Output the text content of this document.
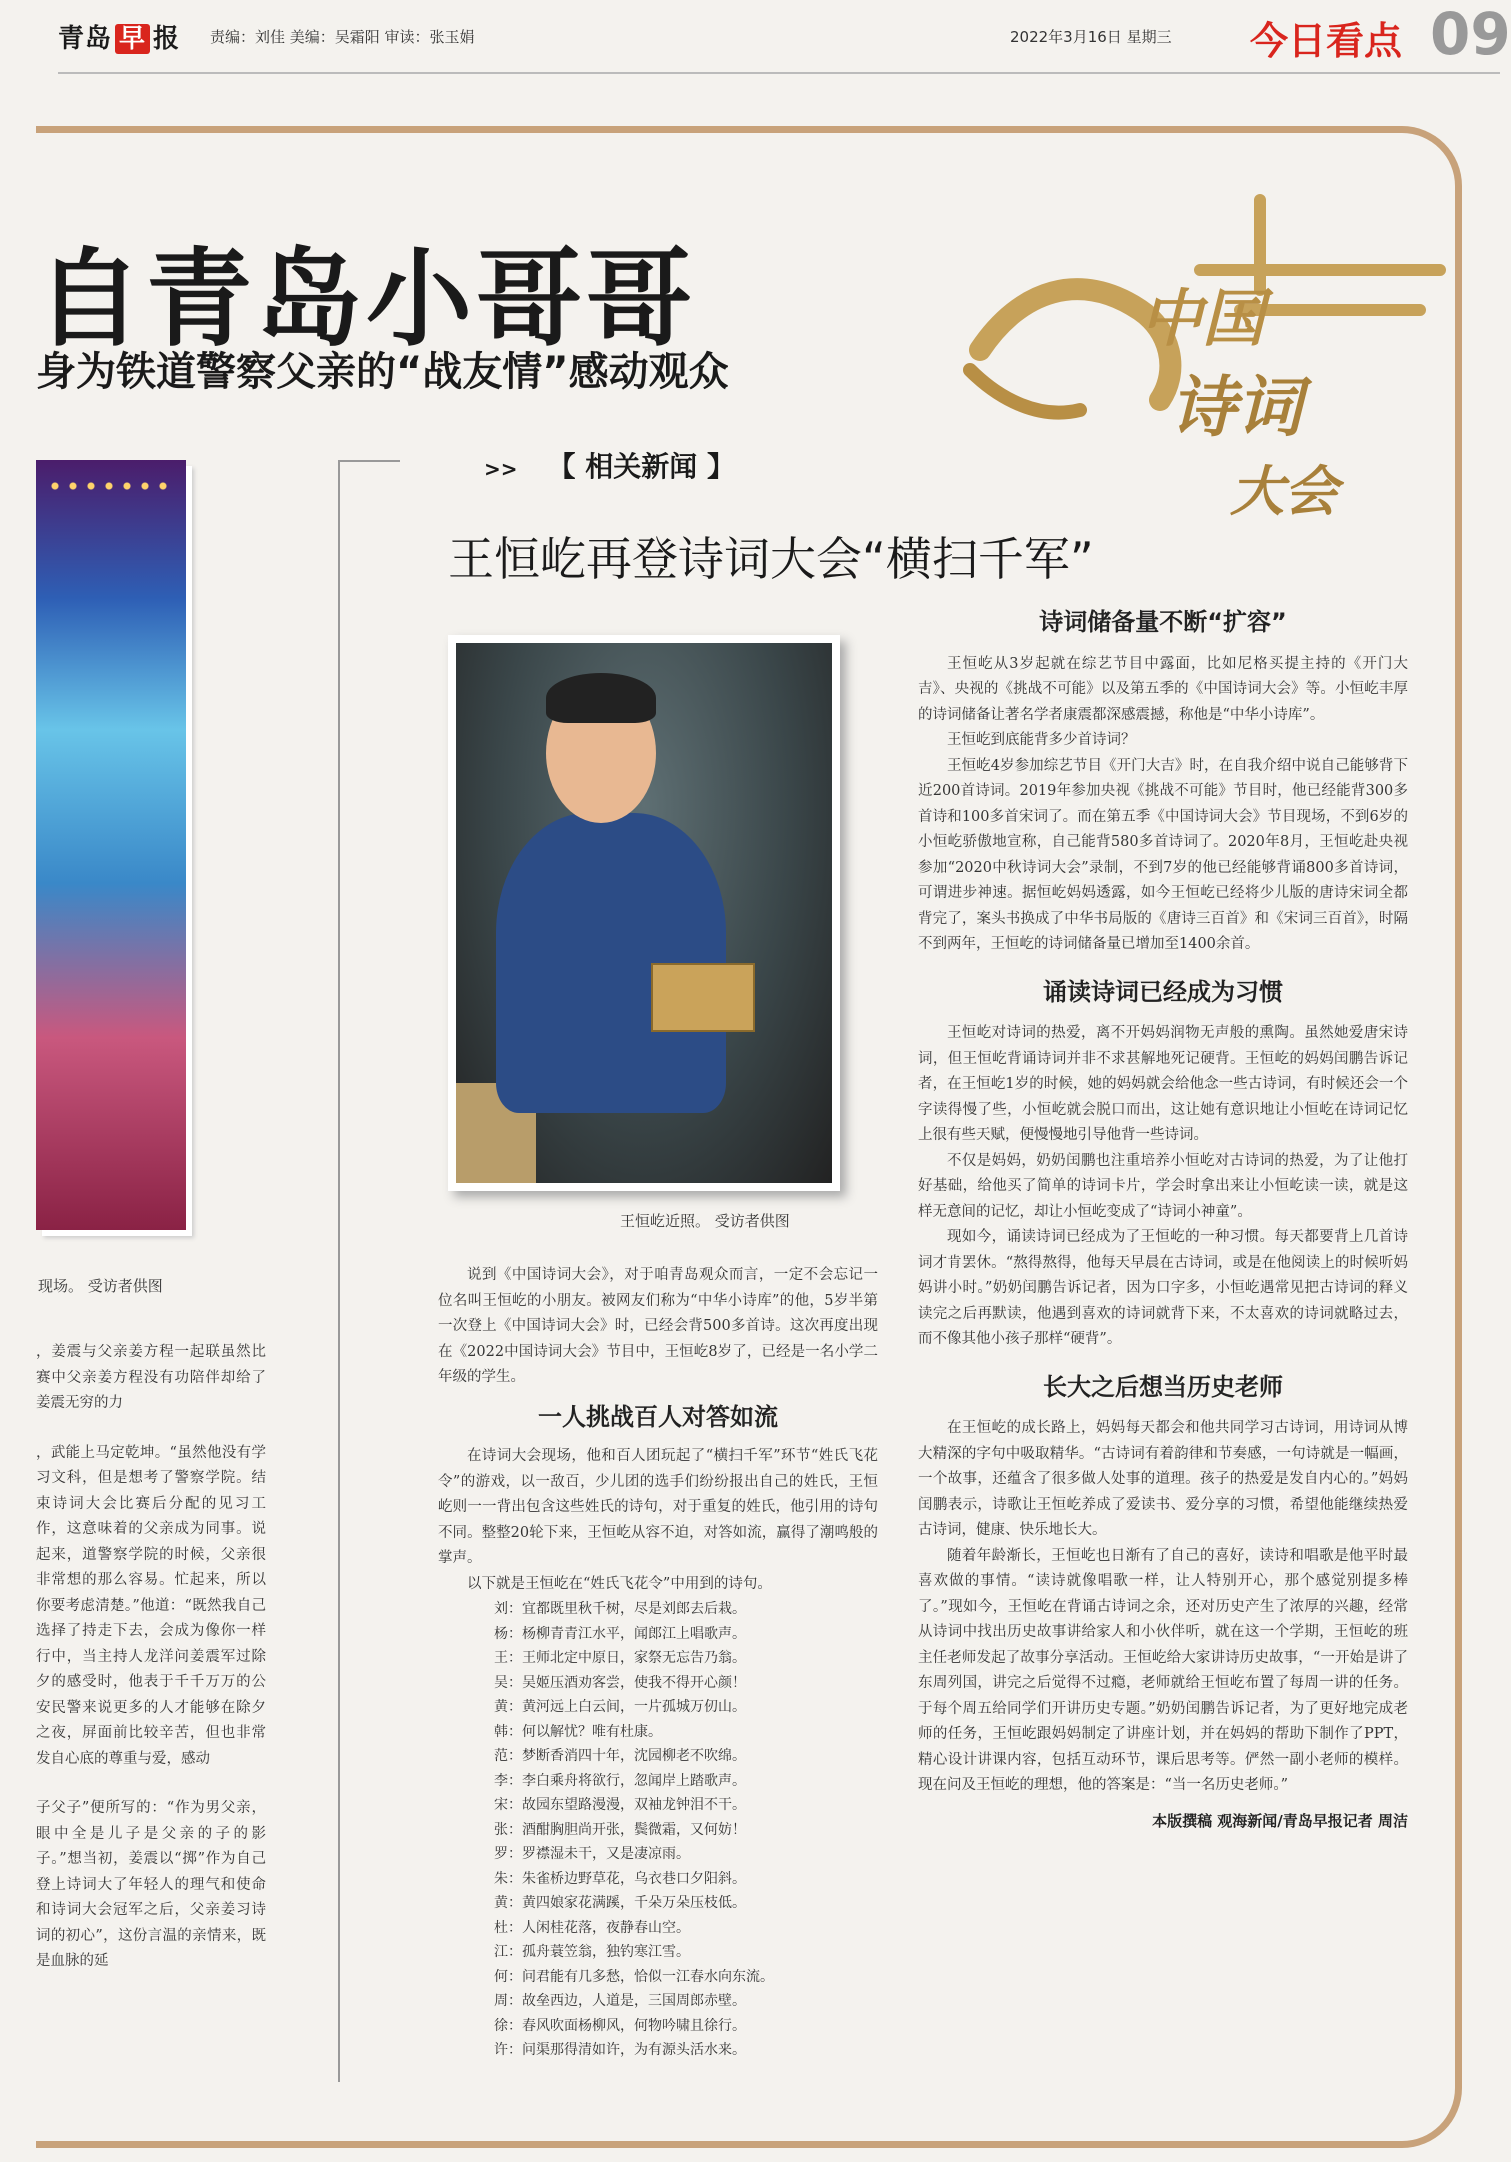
青岛 早 报 责编：刘佳 美编：吴霜阳 审读：张玉娟	2022年3月16日 星期三 今日看点 09
自青岛小哥哥
身为铁道警察父亲的“战友情”感动观众
中国
诗词
大会
现场。 受访者供图

，姜震与父亲姜方程一起联虽然比赛中父亲姜方程没有功陪伴却给了姜震无穷的力

，武能上马定乾坤。“虽然他没有学习文科，但是想考了警察学院。结束诗词大会比赛后分配的见习工作，这意味着的父亲成为同事。说起来，道警察学院的时候，父亲很非常想的那么容易。忙起来，所以你要考虑清楚。”他道：“既然我自己选择了持走下去，会成为像你一样行中，当主持人龙洋问姜震军过除夕的感受时，他表于千千万万的公安民警来说更多的人才能够在除夕之夜，屏面前比较辛苦，但也非常发自心底的尊重与爱，感动

子父子”便所写的：“作为男父亲，眼中全是儿子是父亲的子的影子。”想当初，姜震以“掷”作为自己登上诗词大了年轻人的理气和使命和诗词大会冠军之后，父亲姜习诗词的初心”，这份言温的亲情来，既是血脉的延

>> 【 相关新闻 】
王恒屹再登诗词大会“横扫千军”
王恒屹近照。 受访者供图

说到《中国诗词大会》，对于咱青岛观众而言，一定不会忘记一位名叫王恒屹的小朋友。被网友们称为“中华小诗库”的他，5岁半第一次登上《中国诗词大会》时，已经会背500多首诗。这次再度出现在《2022中国诗词大会》节目中，王恒屹8岁了，已经是一名小学二年级的学生。

一人挑战百人对答如流

在诗词大会现场，他和百人团玩起了“横扫千军”环节“姓氏飞花令”的游戏，以一敌百，少儿团的选手们纷纷报出自己的姓氏，王恒屹则一一背出包含这些姓氏的诗句，对于重复的姓氏，他引用的诗句不同。整整20轮下来，王恒屹从容不迫，对答如流，赢得了潮鸣般的掌声。

以下就是王恒屹在“姓氏飞花令”中用到的诗句。

刘：宜都既里秋千树，尽是刘郎去后栽。

杨：杨柳青青江水平，闻郎江上唱歌声。

王：王师北定中原日，家祭无忘告乃翁。

吴：吴姬压酒劝客尝，使我不得开心颜！

黄：黄河远上白云间，一片孤城万仞山。

韩：何以解忧？唯有杜康。

范：梦断香消四十年，沈园柳老不吹绵。

李：李白乘舟将欲行，忽闻岸上踏歌声。

宋：故园东望路漫漫，双袖龙钟泪不干。

张：酒酣胸胆尚开张，鬓微霜，又何妨！

罗：罗襟湿未干，又是凄凉雨。

朱：朱雀桥边野草花，乌衣巷口夕阳斜。

黄：黄四娘家花满蹊，千朵万朵压枝低。

杜：人闲桂花落，夜静春山空。

江：孤舟蓑笠翁，独钓寒江雪。

何：问君能有几多愁，恰似一江春水向东流。

周：故垒西边，人道是，三国周郎赤壁。

徐：春风吹面杨柳风，何物吟啸且徐行。

许：问渠那得清如许，为有源头活水来。

诗词储备量不断“扩容”

王恒屹从3岁起就在综艺节目中露面，比如尼格买提主持的《开门大吉》、央视的《挑战不可能》以及第五季的《中国诗词大会》等。小恒屹丰厚的诗词储备让著名学者康震都深感震撼，称他是“中华小诗库”。

王恒屹到底能背多少首诗词？

王恒屹4岁参加综艺节目《开门大吉》时，在自我介绍中说自己能够背下近200首诗词。2019年参加央视《挑战不可能》节目时，他已经能背300多首诗和100多首宋词了。而在第五季《中国诗词大会》节目现场，不到6岁的小恒屹骄傲地宣称，自己能背580多首诗词了。2020年8月，王恒屹赴央视参加“2020中秋诗词大会”录制，不到7岁的他已经能够背诵800多首诗词，可谓进步神速。据恒屹妈妈透露，如今王恒屹已经将少儿版的唐诗宋词全都背完了，案头书换成了中华书局版的《唐诗三百首》和《宋词三百首》，时隔不到两年，王恒屹的诗词储备量已增加至1400余首。

诵读诗词已经成为习惯

王恒屹对诗词的热爱，离不开妈妈润物无声般的熏陶。虽然她爱唐宋诗词，但王恒屹背诵诗词并非不求甚解地死记硬背。王恒屹的妈妈闰鹏告诉记者，在王恒屹1岁的时候，她的妈妈就会给他念一些古诗词，有时候还会一个字读得慢了些，小恒屹就会脱口而出，这让她有意识地让小恒屹在诗词记忆上很有些天赋，便慢慢地引导他背一些诗词。

不仅是妈妈，奶奶闰鹏也注重培养小恒屹对古诗词的热爱，为了让他打好基础，给他买了简单的诗词卡片，学会时拿出来让小恒屹读一读，就是这样无意间的记忆，却让小恒屹变成了“诗词小神童”。

现如今，诵读诗词已经成为了王恒屹的一种习惯。每天都要背上几首诗词才肯罢休。“熬得熬得，他每天早晨在古诗词，或是在他阅读上的时候听妈妈讲小时。”奶奶闰鹏告诉记者，因为口字多，小恒屹遇常见把古诗词的释义读完之后再默读，他遇到喜欢的诗词就背下来，不太喜欢的诗词就略过去，而不像其他小孩子那样“硬背”。

长大之后想当历史老师

在王恒屹的成长路上，妈妈每天都会和他共同学习古诗词，用诗词从博大精深的字句中吸取精华。“古诗词有着韵律和节奏感，一句诗就是一幅画，一个故事，还蕴含了很多做人处事的道理。孩子的热爱是发自内心的。”妈妈闰鹏表示，诗歌让王恒屹养成了爱读书、爱分享的习惯，希望他能继续热爱古诗词，健康、快乐地长大。

随着年龄渐长，王恒屹也日渐有了自己的喜好，读诗和唱歌是他平时最喜欢做的事情。“读诗就像唱歌一样，让人特别开心，那个感觉别提多棒了。”现如今，王恒屹在背诵古诗词之余，还对历史产生了浓厚的兴趣，经常从诗词中找出历史故事讲给家人和小伙伴听，就在这一个学期，王恒屹的班主任老师发起了故事分享活动。王恒屹给大家讲诗历史故事，“一开始是讲了东周列国，讲完之后觉得不过瘾，老师就给王恒屹布置了每周一讲的任务。于每个周五给同学们开讲历史专题。”奶奶闰鹏告诉记者，为了更好地完成老师的任务，王恒屹跟妈妈制定了讲座计划，并在妈妈的帮助下制作了PPT，精心设计讲课内容，包括互动环节，课后思考等。俨然一副小老师的模样。现在问及王恒屹的理想，他的答案是：“当一名历史老师。”

本版撰稿 观海新闻/青岛早报记者 周洁
